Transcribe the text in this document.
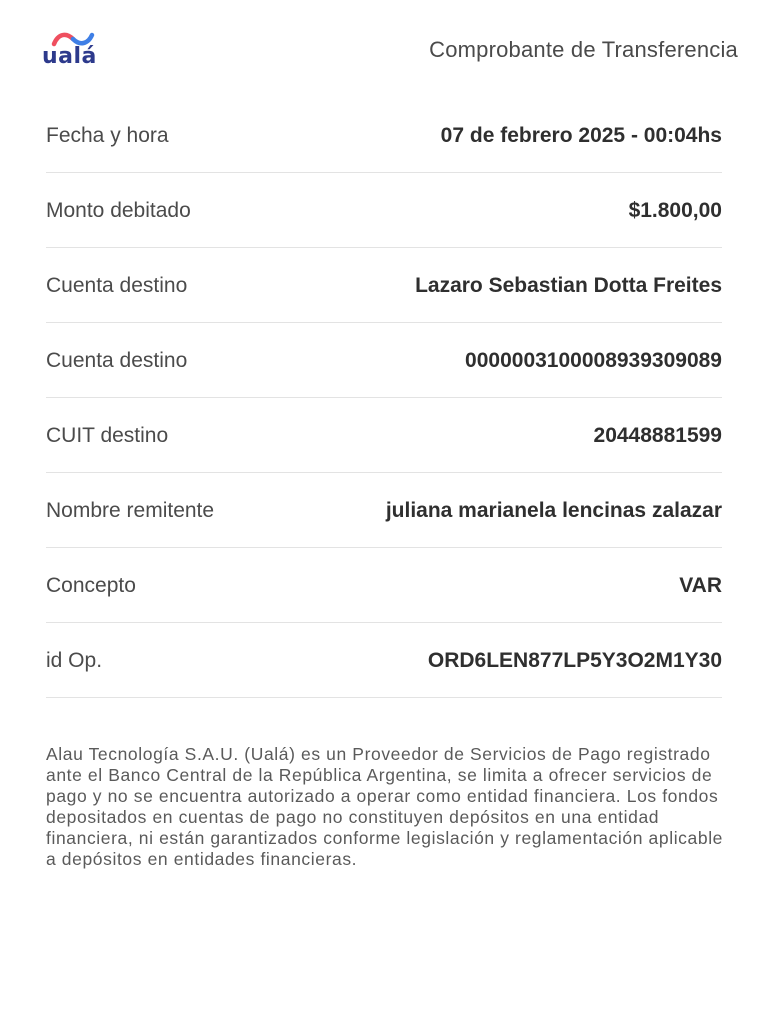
ualá	Comprobante de Transferencia
Fecha y hora	07 de febrero 2025 - 00:04hs
Monto debitado	$1.800,00
Cuenta destino	Lazaro Sebastian Dotta Freites
Cuenta destino	0000003100008939309089
CUIT destino	20448881599
Nombre remitente	juliana marianela lencinas zalazar
Concepto	VAR
id Op.	ORD6LEN877LP5Y3O2M1Y30
Alau Tecnología S.A.U. (Ualá) es un Proveedor de Servicios de Pago registrado ante el Banco Central de la República Argentina, se limita a ofrecer servicios de pago y no se encuentra autorizado a operar como entidad financiera. Los fondos depositados en cuentas de pago no constituyen depósitos en una entidad financiera, ni están garantizados conforme legislación y reglamentación aplicable a depósitos en entidades financieras.
